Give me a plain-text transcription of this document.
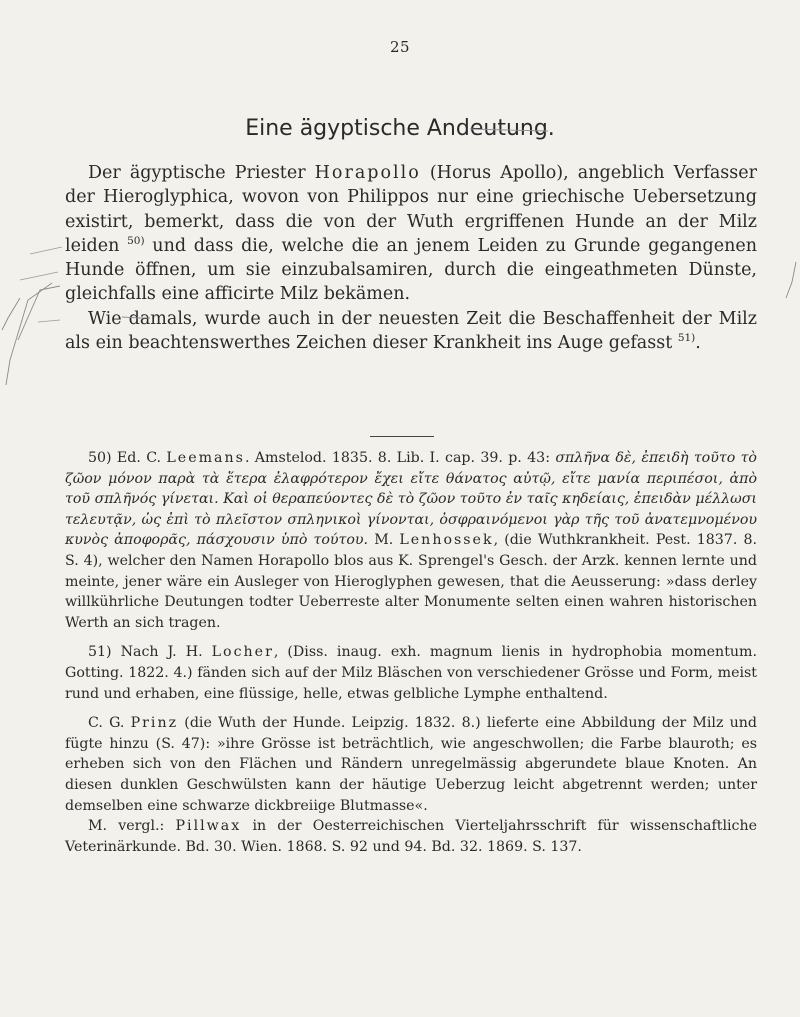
25
Eine ägyptische Andeutung.

Der ägyptische Priester Horapollo (Horus Apollo), angeblich Verfasser der Hieroglyphica, wovon von Philippos nur eine griechische Uebersetzung existirt, bemerkt, dass die von der Wuth ergriffenen Hunde an der Milz leiden $^{50)}$ und dass die, welche die an jenem Leiden zu Grunde gegangenen Hunde öffnen, um sie einzubalsamiren, durch die eingeathmeten Dünste, gleichfalls eine afficirte Milz bekämen.

Wie damals, wurde auch in der neuesten Zeit die Beschaffenheit der Milz als ein beachtenswerthes Zeichen dieser Krankheit ins Auge gefasst $^{51)}$.

50) Ed. C. Leemans. Amstelod. 1835. 8. Lib. I. cap. 39. p. 43: σπλῆνα δὲ, ἐπειδὴ τοῦτο τὸ ζῶον μόνον παρὰ τὰ ἕτερα ἐλαφρότερον ἔχει εἴτε θάνατος αὐτῷ, εἴτε μανία περιπέσοι, ἀπὸ τοῦ σπλῆνός γίνεται. Καὶ οἱ θεραπεύοντες δὲ τὸ ζῶον τοῦτο ἐν ταῖς κηδείαις, ἐπειδὰν μέλλωσι τελευτᾷν, ὡς ἐπὶ τὸ πλεῖστον σπληνικοὶ γίνονται, ὀσφραινόμενοι γὰρ τῆς τοῦ ἀνατεμνομένου κυνὸς ἀποφορᾶς, πάσχουσιν ὑπὸ τούτου. M. Lenhossek, (die Wuthkrankheit. Pest. 1837. 8. S. 4), welcher den Namen Horapollo blos aus K. Sprengel's Gesch. der Arzk. kennen lernte und meinte, jener wäre ein Ausleger von Hieroglyphen gewesen, that die Aeusserung: »dass derley willkührliche Deutungen todter Ueberreste alter Monumente selten einen wahren historischen Werth an sich tragen.

51) Nach J. H. Locher, (Diss. inaug. exh. magnum lienis in hydrophobia momentum. Gotting. 1822. 4.) fänden sich auf der Milz Bläschen von verschiedener Grösse und Form, meist rund und erhaben, eine flüssige, helle, etwas gelbliche Lymphe enthaltend.

C. G. Prinz (die Wuth der Hunde. Leipzig. 1832. 8.) lieferte eine Abbildung der Milz und fügte hinzu (S. 47): »ihre Grösse ist beträchtlich, wie angeschwollen; die Farbe blauroth; es erheben sich von den Flächen und Rändern unregelmässig abgerundete blaue Knoten. An diesen dunklen Geschwülsten kann der häutige Ueberzug leicht abgetrennt werden; unter demselben eine schwarze dickbreiige Blutmasse«.

M. vergl.: Pillwax in der Oesterreichischen Vierteljahrsschrift für wissenschaftliche Veterinärkunde. Bd. 30. Wien. 1868. S. 92 und 94. Bd. 32. 1869. S. 137.
